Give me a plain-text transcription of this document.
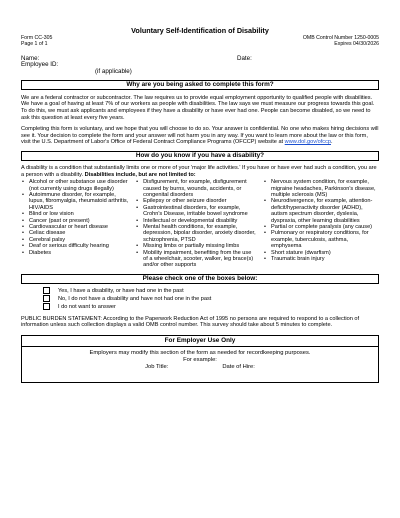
Voluntary Self-Identification of Disability
Form CC-305	OMB Control Number 1250-0005
Page 1 of 1	Expires 04/30/2026
Name:	Date:
Employee ID:
(if applicable)
Why are you being asked to complete this form?

We are a federal contractor or subcontractor. The law requires us to provide equal employment opportunity to qualified people with disabilities. We have a goal of having at least 7% of our workers as people with disabilities. The law says we must measure our progress towards this goal. To do this, we must ask applicants and employees if they have a disability or have ever had one. People can become disabled, so we need to ask this question at least every five years.

Completing this form is voluntary, and we hope that you will choose to do so. Your answer is confidential. No one who makes hiring decisions will see it. Your decision to complete the form and your answer will not harm you in any way. If you want to learn more about the law or this form, visit the U.S. Department of Labor's Office of Federal Contract Compliance Programs (OFCCP) website at www.dol.gov/ofccp.

How do you know if you have a disability?

A disability is a condition that substantially limits one or more of your 'major life activities.' If you have or have ever had such a condition, you are a person with a disability. Disabilities include, but are not limited to:

• Alcohol or other substance use disorder (not currently using drugs illegally)
• Autoimmune disorder, for example, lupus, fibromyalgia, rheumatoid arthritis, HIV/AIDS
• Blind or low vision
• Cancer (past or present)
• Cardiovascular or heart disease
• Celiac disease
• Cerebral palsy
• Deaf or serious difficulty hearing
• Diabetes
• Disfigurement, for example, disfigurement caused by burns, wounds, accidents, or congenital disorders
• Epilepsy or other seizure disorder
• Gastrointestinal disorders, for example, Crohn's Disease, irritable bowel syndrome
• Intellectual or developmental disability
• Mental health conditions, for example, depression, bipolar disorder, anxiety disorder, schizophrenia, PTSD
• Missing limbs or partially missing limbs
• Mobility impairment, benefiting from the use of a wheelchair, scooter, walker, leg brace(s) and/or other supports
• Nervous system condition, for example, migraine headaches, Parkinson's disease, multiple sclerosis (MS)
• Neurodivergence, for example, attention-deficit/hyperactivity disorder (ADHD), autism spectrum disorder, dyslexia, dyspraxia, other learning disabilities
• Partial or complete paralysis (any cause)
• Pulmonary or respiratory conditions, for example, tuberculosis, asthma, emphysema
• Short stature (dwarfism)
• Traumatic brain injury
Please check one of the boxes below:
Yes, I have a disability, or have had one in the past
No, I do not have a disability and have not had one in the past
I do not want to answer

PUBLIC BURDEN STATEMENT: According to the Paperwork Reduction Act of 1995 no persons are required to respond to a collection of information unless such collection displays a valid OMB control number. This survey should take about 5 minutes to complete.

For Employer Use Only
Employers may modify this section of the form as needed for recordkeeping purposes.
For example:
Job Title:	Date of Hire:
